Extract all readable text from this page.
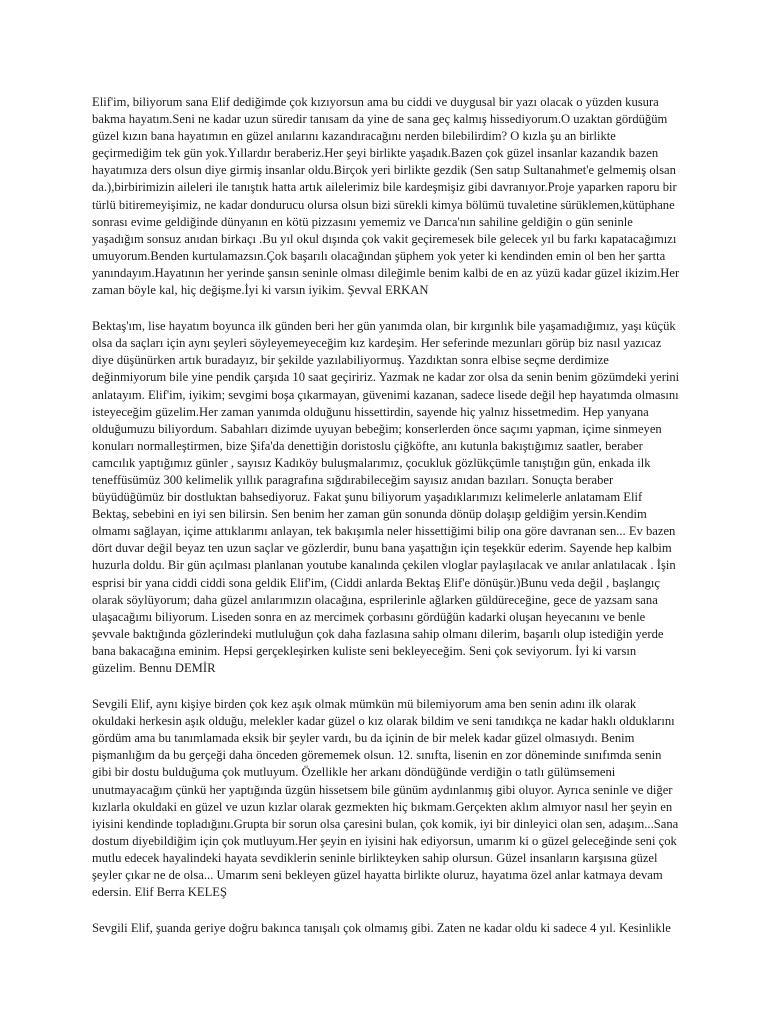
Elif'im, biliyorum sana Elif dediğimde çok kızıyorsun ama bu ciddi ve duygusal bir yazı olacak o yüzden kusura
bakma hayatım.Seni ne kadar uzun süredir tanısam da yine de sana geç kalmış hissediyorum.O uzaktan gördüğüm
güzel kızın bana hayatımın en güzel anılarını kazandıracağını nerden bilebilirdim? O kızla şu an birlikte
geçirmediğim tek gün yok.Yıllardır beraberiz.Her şeyi birlikte yaşadık.Bazen çok güzel insanlar kazandık bazen
hayatımıza ders olsun diye girmiş insanlar oldu.Birçok yeri birlikte gezdik (Sen satıp Sultanahmet'e gelmemiş olsan
da.),birbirimizin aileleri ile tanıştık hatta artık ailelerimiz bile kardeşmişiz gibi davranıyor.Proje yaparken raporu bir
türlü bitiremeyişimiz, ne kadar dondurucu olursa olsun bizi sürekli kimya bölümü tuvaletine sürüklemen,kütüphane
sonrası evime geldiğinde dünyanın en kötü pizzasını yememiz ve Darıca'nın sahiline geldiğin o gün seninle
yaşadığım sonsuz anıdan birkaçı .Bu yıl okul dışında çok vakit geçiremesek bile gelecek yıl bu farkı kapatacağımızı
umuyorum.Benden kurtulamazsın.Çok başarılı olacağından şüphem yok yeter ki kendinden emin ol ben her şartta
yanındayım.Hayatının her yerinde şansın seninle olması dileğimle benim kalbi de en az yüzü kadar güzel ikizim.Her
zaman böyle kal, hiç değişme.İyi ki varsın iyikim. Şevval ERKAN
Bektaş'ım, lise hayatım boyunca ilk günden beri her gün yanımda olan, bir kırgınlık bile yaşamadığımız, yaşı küçük
olsa da saçları için aynı şeyleri söyleyemeyeceğim kız kardeşim. Her seferinde mezunları görüp biz nasıl yazıcaz
diye düşünürken artık buradayız, bir şekilde yazılabiliyormuş. Yazdıktan sonra elbise seçme derdimize
değinmiyorum bile yine pendik çarşıda 10 saat geçiririz. Yazmak ne kadar zor olsa da senin benim gözümdeki yerini
anlatayım. Elif'im, iyikim; sevgimi boşa çıkarmayan, güvenimi kazanan, sadece lisede değil hep hayatımda olmasını
isteyeceğim güzelim.Her zaman yanımda olduğunu hissettirdin, sayende hiç yalnız hissetmedim. Hep yanyana
olduğumuzu biliyordum. Sabahları dizimde uyuyan bebeğim; konserlerden önce saçımı yapman, içime sinmeyen
konuları normalleştirmen, bize Şifa'da denettiğin doristoslu çiğköfte, anı kutunla bakıştığımız saatler, beraber
camcılık yaptığımız günler , sayısız Kadıköy buluşmalarımız, çocukluk gözlükçümle tanıştığın gün, enkada ilk
teneffüsümüz 300 kelimelik yıllık paragrafına sığdırabileceğim sayısız anıdan bazıları. Sonuçta beraber
büyüdüğümüz bir dostluktan bahsediyoruz. Fakat şunu biliyorum yaşadıklarımızı kelimelerle anlatamam Elif
Bektaş, sebebini en iyi sen bilirsin. Sen benim her zaman gün sonunda dönüp dolaşıp geldiğim yersin.Kendim
olmamı sağlayan, içime attıklarımı anlayan, tek bakışımla neler hissettiğimi bilip ona göre davranan sen... Ev bazen
dört duvar değil beyaz ten uzun saçlar ve gözlerdir, bunu bana yaşattığın için teşekkür ederim. Sayende hep kalbim
huzurla doldu. Bir gün açılması planlanan youtube kanalında çekilen vloglar paylaşılacak ve anılar anlatılacak . İşin
esprisi bir yana ciddi ciddi sona geldik Elif'im, (Ciddi anlarda Bektaş Elif'e dönüşür.)Bunu veda değil , başlangıç
olarak söylüyorum; daha güzel anılarımızın olacağına, esprilerinle ağlarken güldüreceğine, gece de yazsam sana
ulaşacağımı biliyorum. Liseden sonra en az mercimek çorbasını gördüğün kadarki oluşan heyecanını ve benle
şevvale baktığında gözlerindeki mutluluğun çok daha fazlasına sahip olmanı dilerim, başarılı olup istediğin yerde
bana bakacağına eminim. Hepsi gerçekleşirken kuliste seni bekleyeceğim. Seni çok seviyorum. İyi ki varsın
güzelim. Bennu DEMİR
Sevgili Elif, aynı kişiye birden çok kez aşık olmak mümkün mü bilemiyorum ama ben senin adını ilk olarak
okuldaki herkesin aşık olduğu, melekler kadar güzel o kız olarak bildim ve seni tanıdıkça ne kadar haklı olduklarını
gördüm ama bu tanımlamada eksik bir şeyler vardı, bu da içinin de bir melek kadar güzel olmasıydı. Benim
pişmanlığım da bu gerçeği daha önceden görememek olsun. 12. sınıfta, lisenin en zor döneminde sınıfımda senin
gibi bir dostu bulduğuma çok mutluyum. Özellikle her arkanı döndüğünde verdiğin o tatlı gülümsemeni
unutmayacağım çünkü her yaptığında üzgün hissetsem bile günüm aydınlanmış gibi oluyor. Ayrıca seninle ve diğer
kızlarla okuldaki en güzel ve uzun kızlar olarak gezmekten hiç bıkmam.Gerçekten aklım almıyor nasıl her şeyin en
iyisini kendinde topladığını.Grupta bir sorun olsa çaresini bulan, çok komik, iyi bir dinleyici olan sen, adaşım...Sana
dostum diyebildiğim için çok mutluyum.Her şeyin en iyisini hak ediyorsun, umarım ki o güzel geleceğinde seni çok
mutlu edecek hayalindeki hayata sevdiklerin seninle birlikteyken sahip olursun. Güzel insanların karşısına güzel
şeyler çıkar ne de olsa... Umarım seni bekleyen güzel hayatta birlikte oluruz, hayatıma özel anlar katmaya devam
edersin. Elif Berra KELEŞ
Sevgili Elif, şuanda geriye doğru bakınca tanışalı çok olmamış gibi. Zaten ne kadar oldu ki sadece 4 yıl. Kesinlikle
